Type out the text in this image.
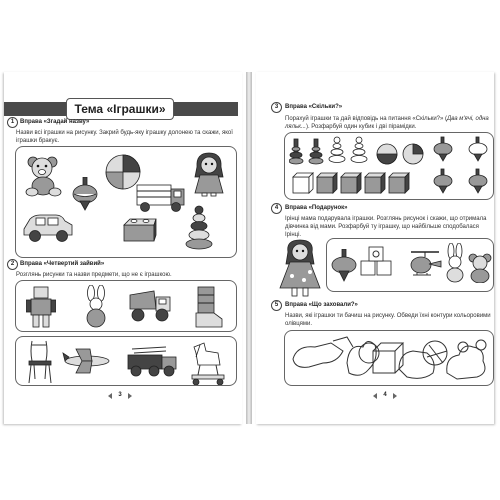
Тема «Іграшки»
1 Вправа «Згадай назву»
Назви всі іграшки на рисунку. Закрий будь-яку іграшку долонею та скажи, якої іграшки бракує.
2 Вправа «Четвертий зайвий»
Розглянь рисунки та назви предмети, що не є іграшкою.
3
3	Вправа «Скільки?»
Порахуй іграшки та дай відповідь на питання «Скільки?» (Два м'ячі, одна ляльк...). Розфарбуй один кубик і дві пірамідки.
4	Вправа «Подарунок»
Ірінці мама подарувала іграшки. Розглянь рисунок і скажи, що отримала дівчинка від мами. Розфарбуй ту іграшку, що найбільше сподобалася Ірінці.
5	Вправа «Що заховали?»
Назви, які іграшки ти бачиш на рисунку. Обведи їхні контури кольоровими олівцями.
4
